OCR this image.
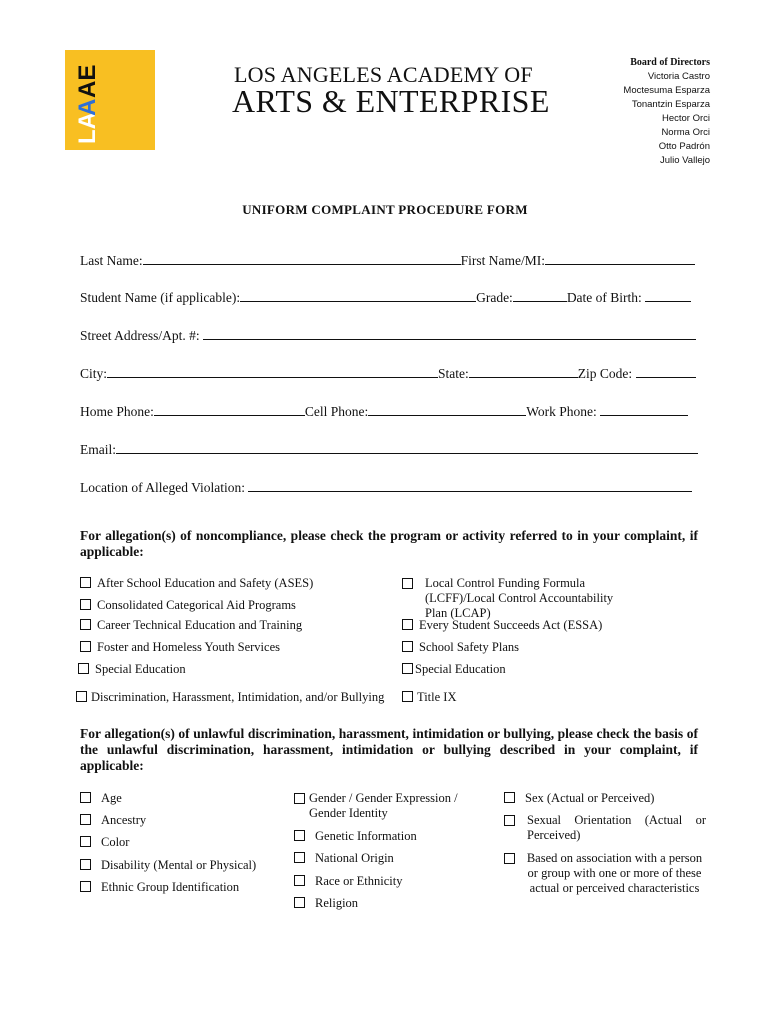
LA
A
AE	LOS ANGELES ACADEMY OF
ARTS & ENTERPRISE
Board of Directors
Victoria Castro
Moctesuma Esparza
Tonantzin Esparza
Hector Orci
Norma Orci
Otto Padrón
Julio Vallejo
UNIFORM COMPLAINT PROCEDURE FORM
Last Name:	First Name/MI:
Student Name (if applicable):	Grade:	Date of Birth:
Street Address/Apt. #:
City:	State:	Zip Code:
Home Phone:	Cell Phone:	Work Phone:
Email:
Location of Alleged Violation:
For allegation(s) of noncompliance, please check the program or activity referred to in your complaint, if applicable:
After School Education and Safety (ASES)
Consolidated Categorical Aid Programs
Career Technical Education and Training
Foster and Homeless Youth Services
Special Education
Discrimination, Harassment, Intimidation, and/or Bullying
Local Control Funding Formula (LCFF)/Local Control Accountability Plan (LCAP)
Every Student Succeeds Act (ESSA)
School Safety Plans
Special Education
Title IX
For allegation(s) of unlawful discrimination, harassment, intimidation or bullying, please check the basis of the unlawful discrimination, harassment, intimidation or bullying described in your complaint, if applicable:
Age
Ancestry
Color
Disability (Mental or Physical)
Ethnic Group Identification
Gender / Gender Expression / Gender Identity
Genetic Information
National Origin
Race or Ethnicity
Religion
Sex (Actual or Perceived)
Sexual Orientation (Actual or Perceived)
Based on association with a person or group with one or more of these actual or perceived characteristics
